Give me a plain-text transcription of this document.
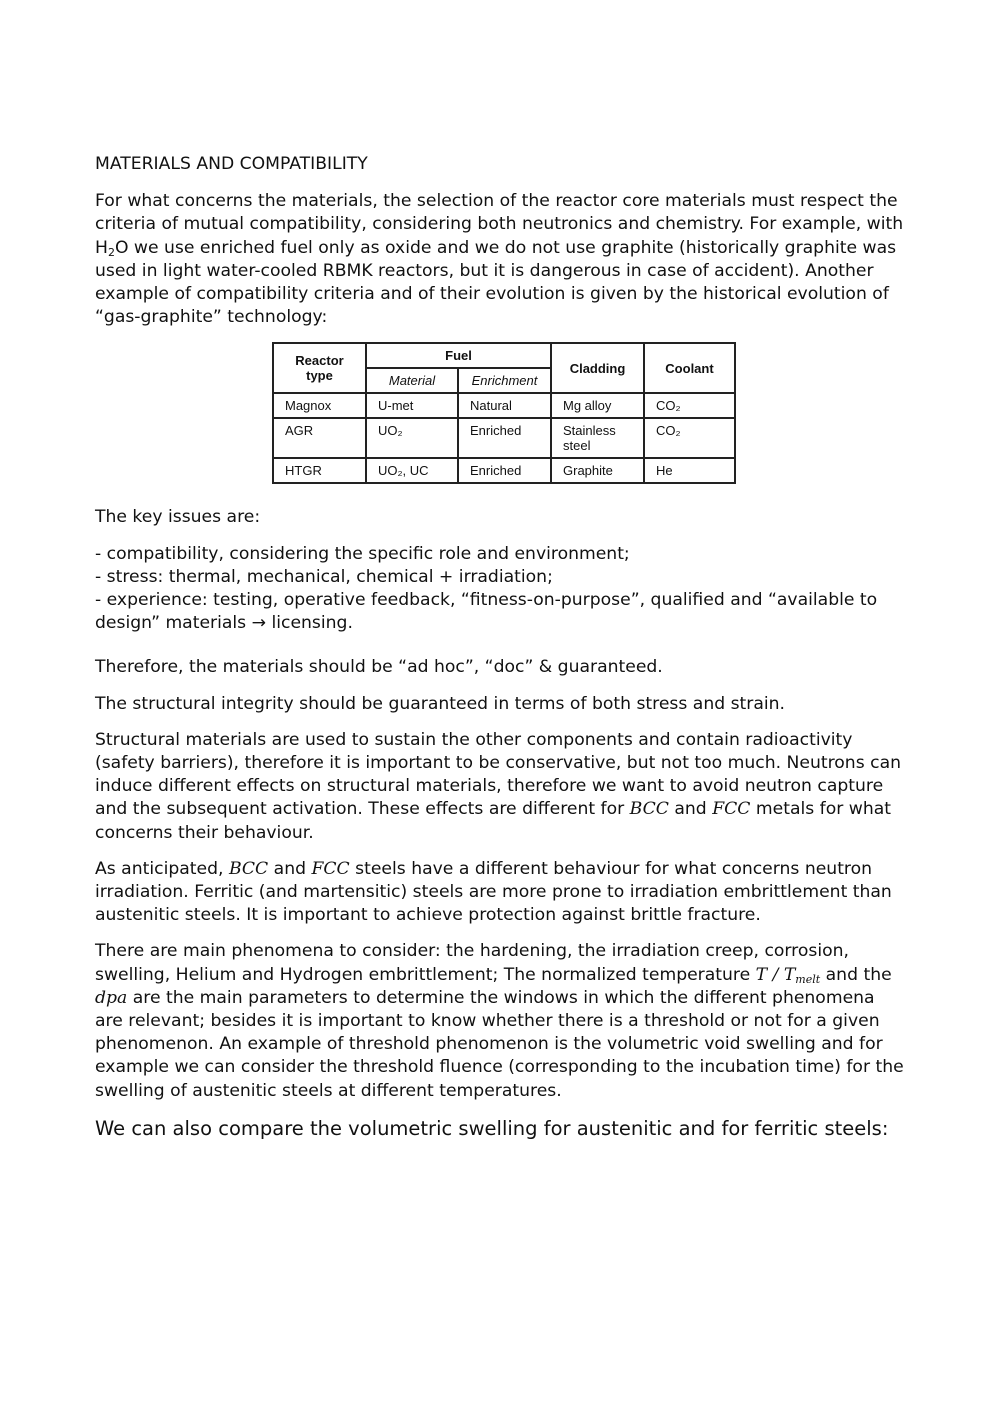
MATERIALS AND COMPATIBILITY

For what concerns the materials, the selection of the reactor core materials must respect the criteria of mutual compatibility, considering both neutronics and chemistry. For example, with $H_2O$ we use enriched fuel only as oxide and we do not use graphite (historically graphite was used in light water-cooled RBMK reactors, but it is dangerous in case of accident). Another example of compatibility criteria and of their evolution is given by the historical evolution of “gas-graphite” technology:

Reactor type	Fuel		Cladding	Coolant
	Material	Enrichment		
Magnox	U-met	Natural	Mg alloy	CO₂
AGR	UO₂	Enriched	Stainless steel	CO₂
HTGR	UO₂, UC	Enriched	Graphite	He

The key issues are:

- compatibility, considering the specific role and environment;
- stress: thermal, mechanical, chemical + irradiation;
- experience: testing, operative feedback, “fitness-on-purpose”, qualified and “available to design” materials → licensing.

Therefore, the materials should be “ad hoc”, “doc” & guaranteed.

The structural integrity should be guaranteed in terms of both stress and strain.

Structural materials are used to sustain the other components and contain radioactivity (safety barriers), therefore it is important to be conservative, but not too much. Neutrons can induce different effects on structural materials, therefore we want to avoid neutron capture and the subsequent activation. These effects are different for BCC and FCC metals for what concerns their behaviour.

As anticipated, BCC and FCC steels have a different behaviour for what concerns neutron irradiation. Ferritic (and martensitic) steels are more prone to irradiation embrittlement than austenitic steels. It is important to achieve protection against brittle fracture.

There are main phenomena to consider: the hardening, the irradiation creep, corrosion, swelling, Helium and Hydrogen embrittlement; The normalized temperature T / $T_{melt}$ and the dpa are the main parameters to determine the windows in which the different phenomena are relevant; besides it is important to know whether there is a threshold or not for a given phenomenon. An example of threshold phenomenon is the volumetric void swelling and for example we can consider the threshold fluence (corresponding to the incubation time) for the swelling of austenitic steels at different temperatures.

We can also compare the volumetric swelling for austenitic and for ferritic steels:
